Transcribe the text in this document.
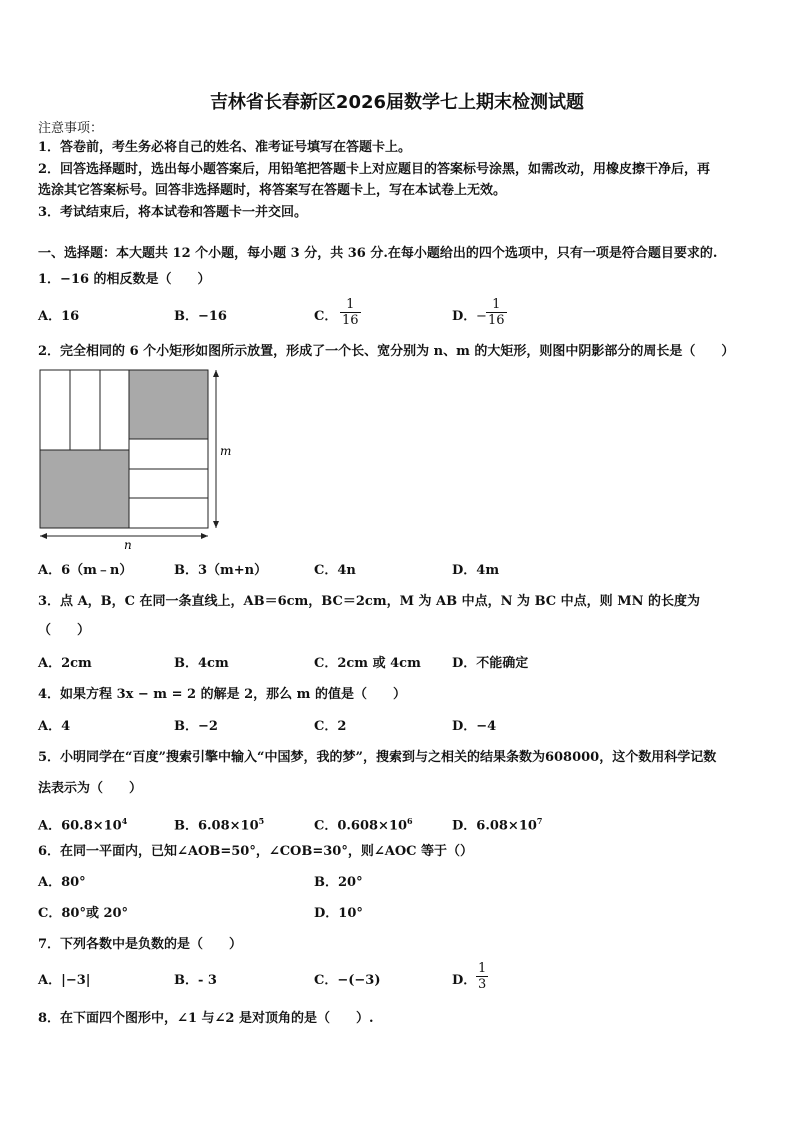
吉林省长春新区2026届数学七上期末检测试题
注意事项：
1．答卷前，考生务必将自己的姓名、准考证号填写在答题卡上。
2．回答选择题时，选出每小题答案后，用铅笔把答题卡上对应题目的答案标号涂黑，如需改动，用橡皮擦干净后，再
选涂其它答案标号。回答非选择题时，将答案写在答题卡上，写在本试卷上无效。
3．考试结束后，将本试卷和答题卡一并交回。
一、选择题：本大题共 12 个小题，每小题 3 分，共 36 分.在每小题给出的四个选项中，只有一项是符合题目要求的.
1．−16 的相反数是（　　）
A．16	B．−16	C． $\frac{1}{16}$	D． − $\frac{1}{16}$
2．完全相同的 6 个小矩形如图所示放置，形成了一个长、宽分别为 n、m 的大矩形，则图中阴影部分的周长是（　　）
m
n
A．6（m﹣n）	B．3（m+n）	C．4n	D．4m
3．点 A，B，C 在同一条直线上，AB＝6cm，BC＝2cm，M 为 AB 中点，N 为 BC 中点，则 MN 的长度为
（　　）
A．2cm	B．4cm	C．2cm 或 4cm D．不能确定
4．如果方程 3x − m = 2 的解是 2，那么 m 的值是（　　）
A．4	B．−2	C．2	D．−4
5．小明同学在“百度”搜索引擎中输入“中国梦，我的梦”，搜索到与之相关的结果条数为608000，这个数用科学记数
法表示为（　　）
A．$60.8\times 10^4$	B．$6.08\times 10^5$	C．$0.608\times 10^6$	D．$6.08\times 10^7$
6．在同一平面内，已知∠AOB=50°，∠COB=30°，则∠AOC 等于（）
A．80°	B．20°
C．80°或 20°	D．10°
7．下列各数中是负数的是（　　）
A．|−3|	B．- 3	C．−(−3)	D． $\frac{1}{3}$
8．在下面四个图形中，∠1 与∠2 是对顶角的是（　　）.
